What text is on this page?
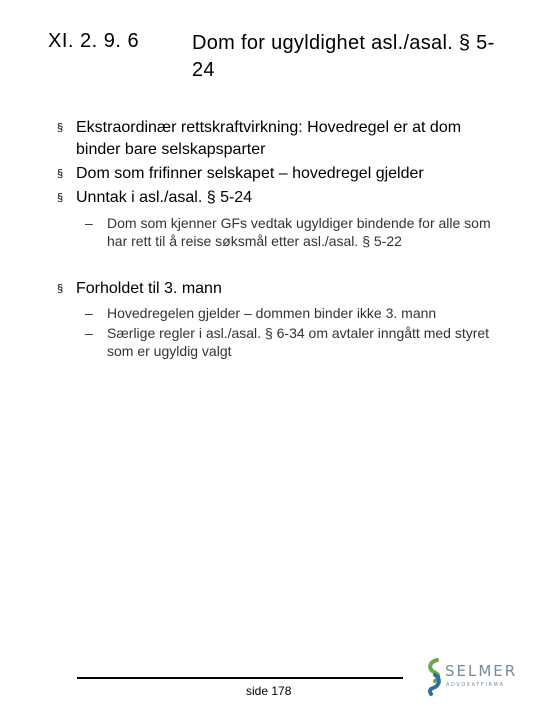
XI. 2. 9. 6	Dom for ugyldighet asl./asal. § 5-24
§ Ekstraordinær rettskraftvirkning: Hovedregel er at dom binder bare selskapsparter
§ Dom som frifinner selskapet – hovedregel gjelder
§ Unntak i asl./asal. § 5-24
–	Dom som kjenner GFs vedtak ugyldiger bindende for alle som har rett til å reise søksmål etter asl./asal. § 5-22
§ Forholdet til 3. mann
–	Hovedregelen gjelder – dommen binder ikke 3. mann
–	Særlige regler i asl./asal. § 6-34 om avtaler inngått med styret som er ugyldig valgt
side 178
SELMER
ADVOKATFIRMA
